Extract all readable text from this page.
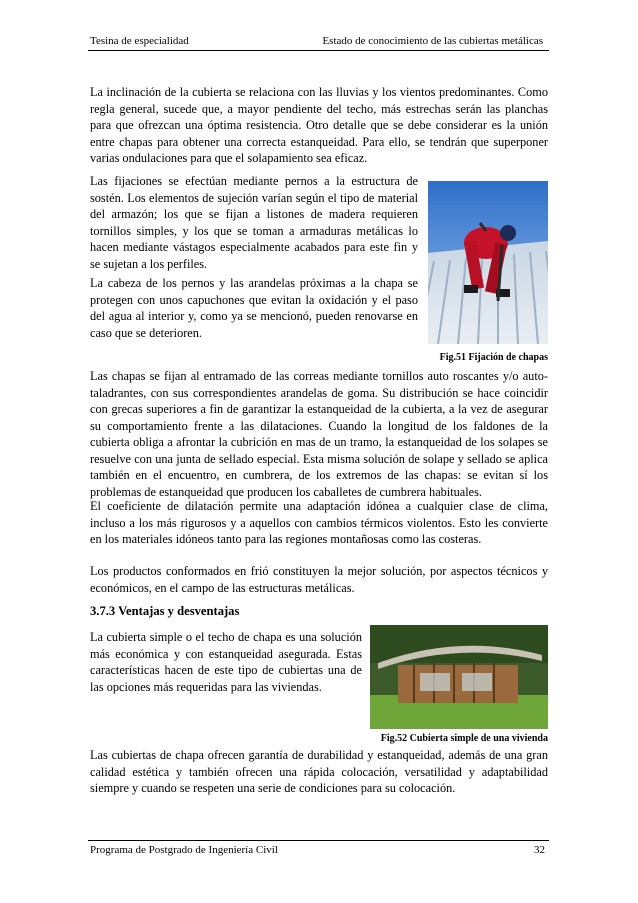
Tesina de especialidad	Estado de conocimiento de las cubiertas metálicas

La inclinación de la cubierta se relaciona con las lluvias y los vientos predominantes. Como regla general, sucede que, a mayor pendiente del techo, más estrechas serán las planchas para que ofrezcan una óptima resistencia. Otro detalle que se debe considerar es la unión entre chapas para obtener una correcta estanqueidad. Para ello, se tendrán que superponer varias ondulaciones para que el solapamiento sea eficaz.

Las fijaciones se efectúan mediante pernos a la estructura de sostén. Los elementos de sujeción varían según el tipo de material del armazón; los que se fijan a listones de madera requieren tornillos simples, y los que se toman a armaduras metálicas lo hacen mediante vástagos especialmente acabados para este fin y se sujetan a los perfiles.

La cabeza de los pernos y las arandelas próximas a la chapa se protegen con unos capuchones que evitan la oxidación y el paso del agua al interior y, como ya se mencionó, pueden renovarse en caso que se deterioren.

Fig.51 Fijación de chapas

Las chapas se fijan al entramado de las correas mediante tornillos auto roscantes y/o auto-taladrantes, con sus correspondientes arandelas de goma. Su distribución se hace coincidir con grecas superiores a fin de garantizar la estanqueidad de la cubierta, a la vez de asegurar su comportamiento frente a las dilataciones. Cuando la longitud de los faldones de la cubierta obliga a afrontar la cubrición en mas de un tramo, la estanqueidad de los solapes se resuelve con una junta de sellado especial. Esta misma solución de solape y sellado se aplica también en el encuentro, en cumbrera, de los extremos de las chapas: se evitan sí los problemas de estanqueidad que producen los caballetes de cumbrera habituales.

El coeficiente de dilatación permite una adaptación idónea a cualquier clase de clima, incluso a los más rigurosos y a aquellos con cambios térmicos violentos. Esto les convierte en los materiales idóneos tanto para las regiones montañosas como las costeras.

Los productos conformados en frió constituyen la mejor solución, por aspectos técnicos y económicos, en el campo de las estructuras metálicas.

3.7.3 Ventajas y desventajas

La cubierta simple o el techo de chapa es una solución más económica y con estanqueidad asegurada. Estas características hacen de este tipo de cubiertas una de las opciones más requeridas para las viviendas.

Fig.52 Cubierta simple de una vivienda

Las cubiertas de chapa ofrecen garantía de durabilidad y estanqueidad, además de una gran calidad estética y también ofrecen una rápida colocación, versatilidad y adaptabilidad siempre y cuando se respeten una serie de condiciones para su colocación.

Programa de Postgrado de Ingeniería Civil	32
